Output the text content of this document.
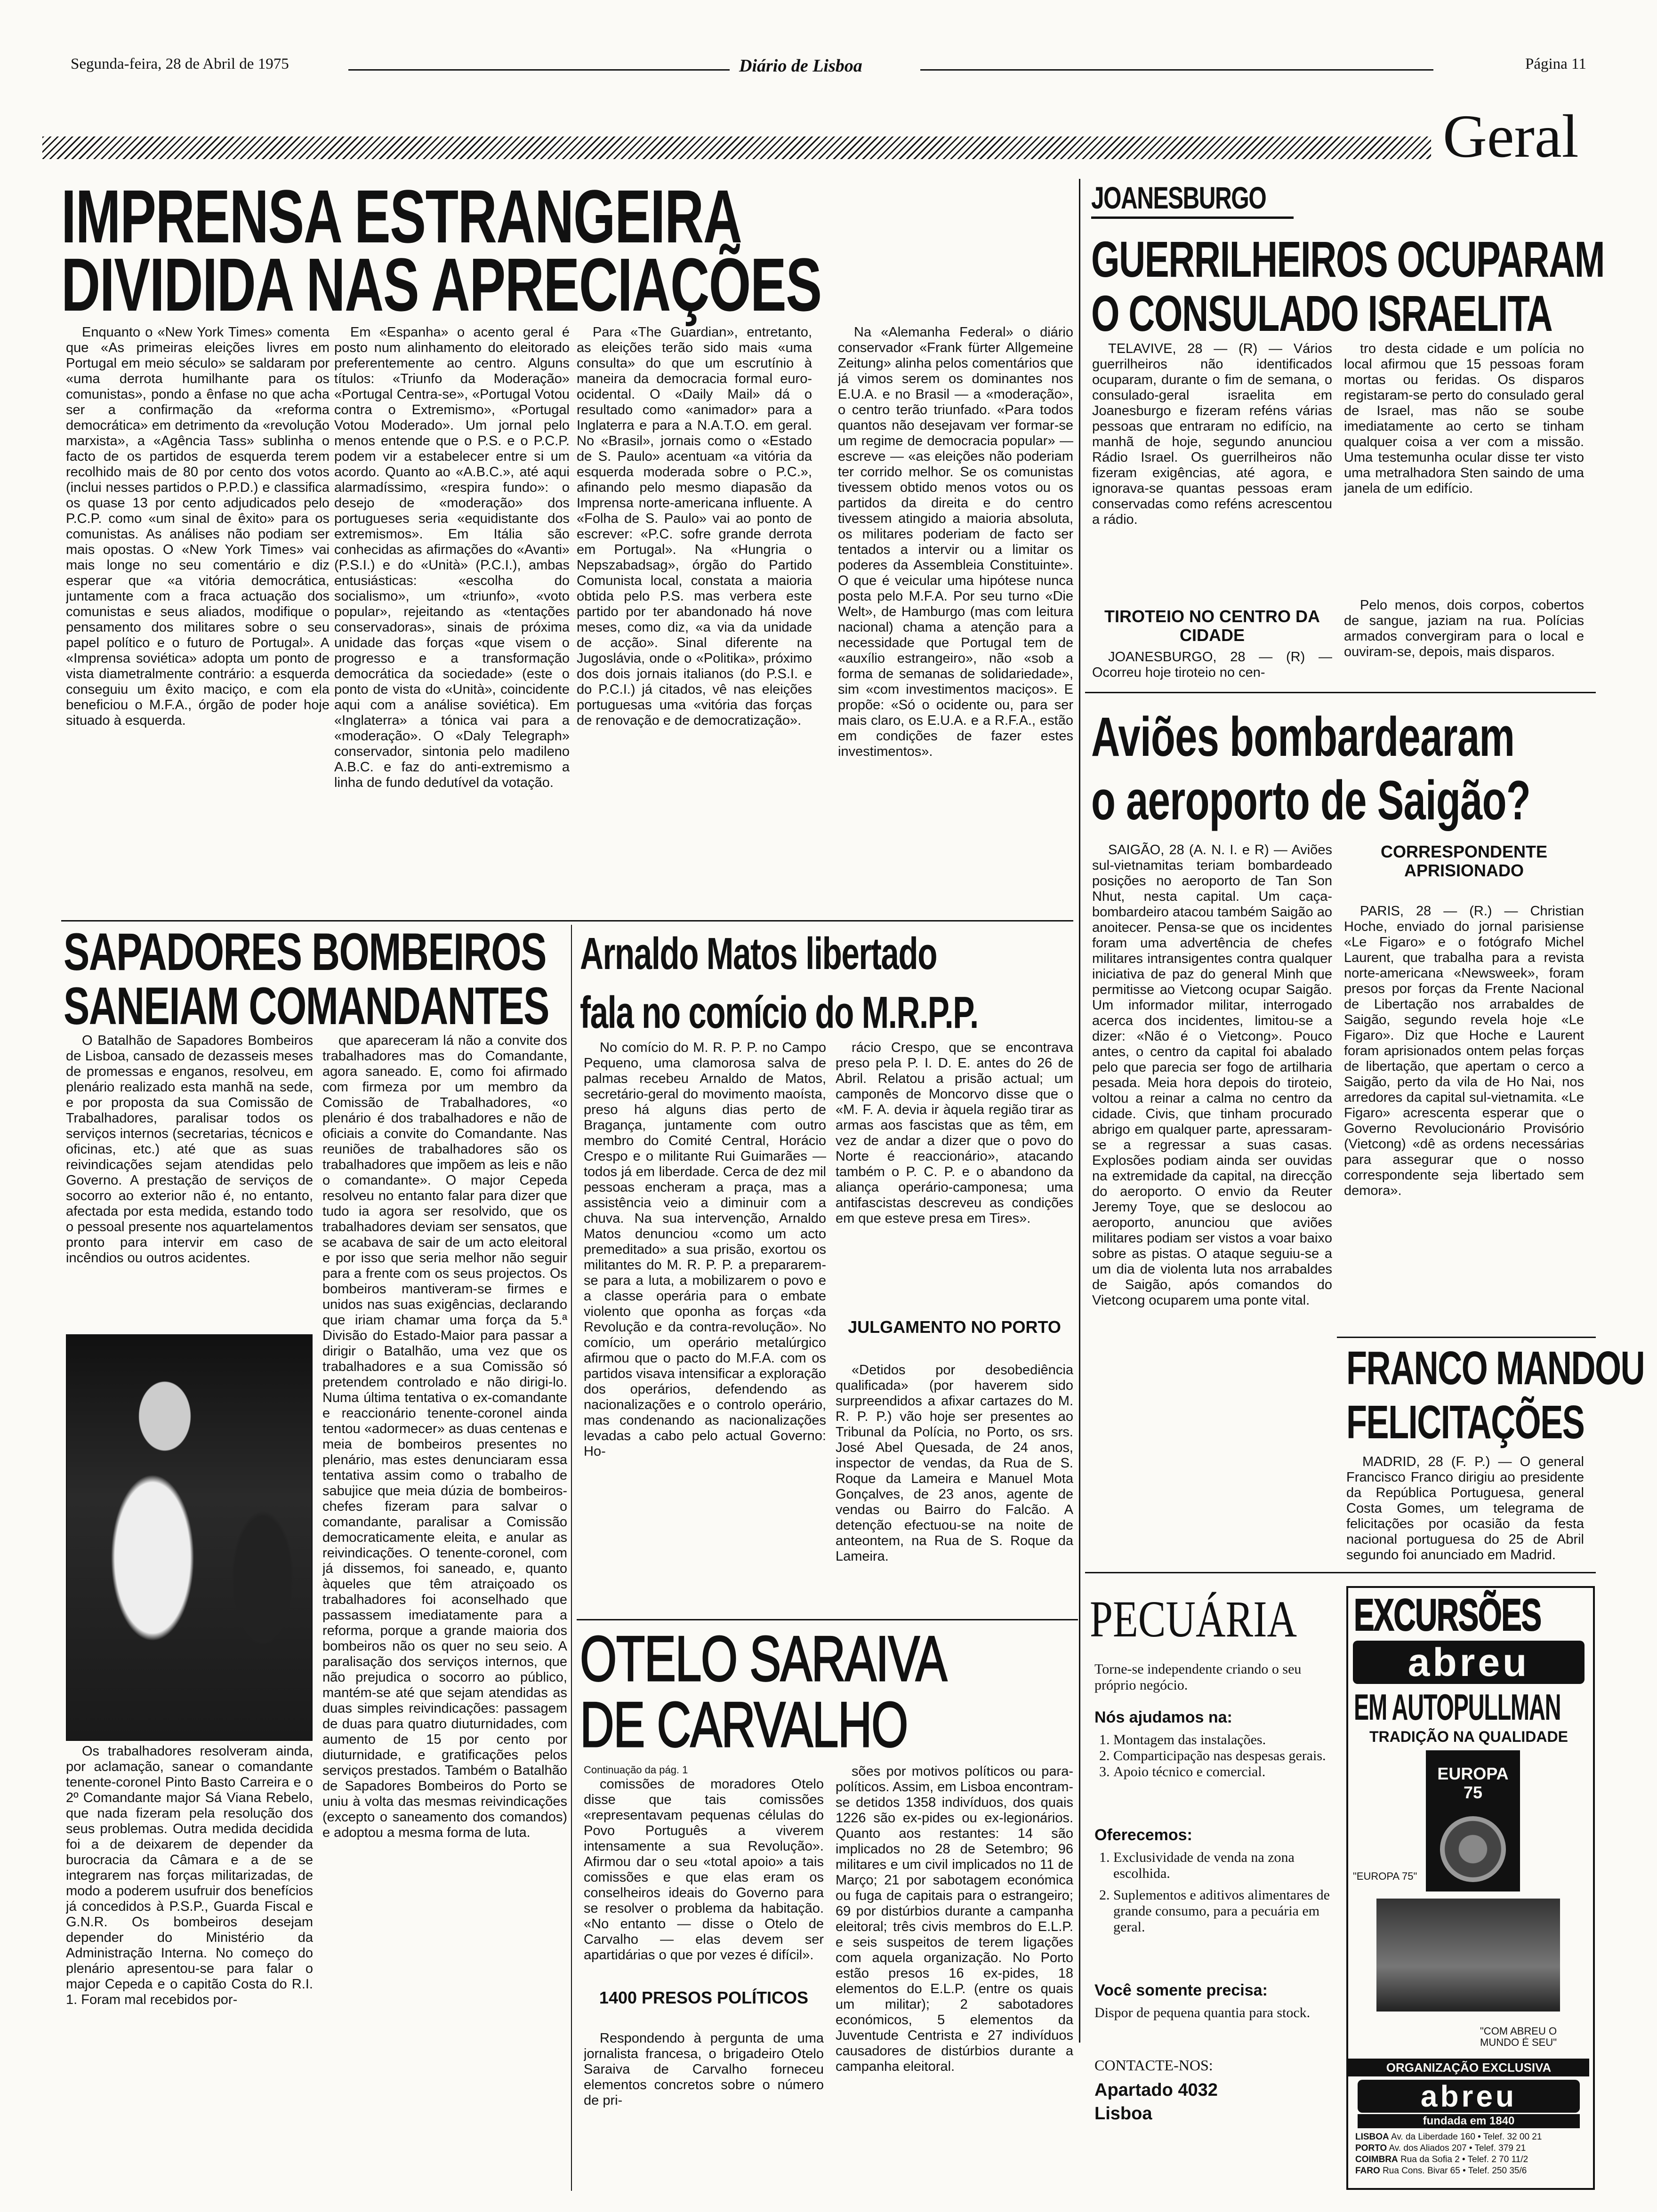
Segunda-feira, 28 de Abril de 1975	Diário de Lisboa	Página 11
Geral
IMPRENSA ESTRANGEIRA
DIVIDIDA NAS APRECIAÇÕES

Enquanto o «New York Times» comenta que «As primeiras eleições livres em Portugal em meio século» se saldaram por «uma derrota humilhante para os comunistas», pondo a ênfase no que acha ser a confirmação da «reforma democrática» em detrimento da «revolução marxista», a «Agência Tass» sublinha o facto de os partidos de esquerda terem recolhido mais de 80 por cento dos votos (inclui nesses partidos o P.P.D.) e classifica os quase 13 por cento adjudicados pelo P.C.P. como «um sinal de êxito» para os comunistas. As análises não podiam ser mais opostas. O «New York Times» vai mais longe no seu comentário e diz esperar que «a vitória democrática, juntamente com a fraca actuação dos comunistas e seus aliados, modifique o pensamento dos militares sobre o seu papel político e o futuro de Portugal». A «Imprensa soviética» adopta um ponto de vista diametralmente contrário: a esquerda conseguiu um êxito maciço, e com ela beneficiou o M.F.A., órgão de poder hoje situado à esquerda.

Em «Espanha» o acento geral é posto num alinhamento do eleitorado preferentemente ao centro. Alguns títulos: «Triunfo da Moderação» «Portugal Centra-se», «Portugal Votou contra o Extremismo», «Portugal Votou Moderado». Um jornal pelo menos entende que o P.S. e o P.C.P. podem vir a estabelecer entre si um acordo. Quanto ao «A.B.C.», até aqui alarmadíssimo, «respira fundo»: o desejo de «moderação» dos portugueses seria «equidistante dos extremismos». Em Itália são conhecidas as afirmações do «Avanti» (P.S.I.) e do «Unità» (P.C.I.), ambas entusiásticas: «escolha do socialismo», um «triunfo», «voto popular», rejeitando as «tentações conservadoras», sinais de próxima unidade das forças «que visem o progresso e a transformação democrática da sociedade» (este o ponto de vista do «Unità», coincidente aqui com a análise soviética). Em «Inglaterra» a tónica vai para a «moderação». O «Daly Telegraph» conservador, sintonia pelo madileno A.B.C. e faz do anti-extremismo a linha de fundo dedutível da votação.

Para «The Guardian», entretanto, as eleições terão sido mais «uma consulta» do que um escrutínio à maneira da democracia formal euro-ocidental. O «Daily Mail» dá o resultado como «animador» para a Inglaterra e para a N.A.T.O. em geral. No «Brasil», jornais como o «Estado de S. Paulo» acentuam «a vitória da esquerda moderada sobre o P.C.», afinando pelo mesmo diapasão da Imprensa norte-americana influente. A «Folha de S. Paulo» vai ao ponto de escrever: «P.C. sofre grande derrota em Portugal». Na «Hungria o Nepszabadsag», órgão do Partido Comunista local, constata a maioria obtida pelo P.S. mas verbera este partido por ter abandonado há nove meses, como diz, «a via da unidade de acção». Sinal diferente na Jugoslávia, onde o «Politika», próximo dos dois jornais italianos (do P.S.I. e do P.C.I.) já citados, vê nas eleições portuguesas uma «vitória das forças de renovação e de democratização».

Na «Alemanha Federal» o diário conservador «Frank fürter Allgemeine Zeitung» alinha pelos comentários que já vimos serem os dominantes nos E.U.A. e no Brasil — a «moderação», o centro terão triunfado. «Para todos quantos não desejavam ver formar-se um regime de democracia popular» — escreve — «as eleições não poderiam ter corrido melhor. Se os comunistas tivessem obtido menos votos ou os partidos da direita e do centro tivessem atingido a maioria absoluta, os militares poderiam de facto ser tentados a intervir ou a limitar os poderes da Assembleia Constituinte». O que é veicular uma hipótese nunca posta pelo M.F.A. Por seu turno «Die Welt», de Hamburgo (mas com leitura nacional) chama a atenção para a necessidade que Portugal tem de «auxílio estrangeiro», não «sob a forma de semanas de solidariedade», sim «com investimentos maciços». E propõe: «Só o ocidente ou, para ser mais claro, os E.U.A. e a R.F.A., estão em condições de fazer estes investimentos».

JOANESBURGO
GUERRILHEIROS OCUPARAM
O CONSULADO ISRAELITA

TELAVIVE, 28 — (R) — Vários guerrilheiros não identificados ocuparam, durante o fim de semana, o consulado-geral israelita em Joanesburgo e fizeram reféns várias pessoas que entraram no edifício, na manhã de hoje, segundo anunciou Rádio Israel. Os guerrilheiros não fizeram exigências, até agora, e ignorava-se quantas pessoas eram conservadas como reféns acrescentou a rádio.

TIROTEIO NO CENTRO DA CIDADE

JOANESBURGO, 28 — (R) — Ocorreu hoje tiroteio no cen-

tro desta cidade e um polícia no local afirmou que 15 pessoas foram mortas ou feridas. Os disparos registaram-se perto do consulado geral de Israel, mas não se soube imediatamente ao certo se tinham qualquer coisa a ver com a missão. Uma testemunha ocular disse ter visto uma metralhadora Sten saindo de uma janela de um edifício.

Pelo menos, dois corpos, cobertos de sangue, jaziam na rua. Polícias armados convergiram para o local e ouviram-se, depois, mais disparos.

Aviões bombardearam
o aeroporto de Saigão?

SAIGÃO, 28 (A. N. I. e R) — Aviões sul-vietnamitas teriam bombardeado posições no aeroporto de Tan Son Nhut, nesta capital. Um caça-bombardeiro atacou também Saigão ao anoitecer. Pensa-se que os incidentes foram uma advertência de chefes militares intransigentes contra qualquer iniciativa de paz do general Minh que permitisse ao Vietcong ocupar Saigão. Um informador militar, interrogado acerca dos incidentes, limitou-se a dizer: «Não é o Vietcong». Pouco antes, o centro da capital foi abalado pelo que parecia ser fogo de artilharia pesada. Meia hora depois do tiroteio, voltou a reinar a calma no centro da cidade. Civis, que tinham procurado abrigo em qualquer parte, apressaram-se a regressar a suas casas. Explosões podiam ainda ser ouvidas na extremidade da capital, na direcção do aeroporto. O envio da Reuter Jeremy Toye, que se deslocou ao aeroporto, anunciou que aviões militares podiam ser vistos a voar baixo sobre as pistas. O ataque seguiu-se a um dia de violenta luta nos arrabaldes de Saigão, após comandos do Vietcong ocuparem uma ponte vital.

CORRESPONDENTE APRISIONADO

PARIS, 28 — (R.) — Christian Hoche, enviado do jornal parisiense «Le Figaro» e o fotógrafo Michel Laurent, que trabalha para a revista norte-americana «Newsweek», foram presos por forças da Frente Nacional de Libertação nos arrabaldes de Saigão, segundo revela hoje «Le Figaro». Diz que Hoche e Laurent foram aprisionados ontem pelas forças de libertação, que apertam o cerco a Saigão, perto da vila de Ho Nai, nos arredores da capital sul-vietnamita. «Le Figaro» acrescenta esperar que o Governo Revolucionário Provisório (Vietcong) «dê as ordens necessárias para assegurar que o nosso correspondente seja libertado sem demora».

FRANCO MANDOU
FELICITAÇÕES

MADRID, 28 (F. P.) — O general Francisco Franco dirigiu ao presidente da República Portuguesa, general Costa Gomes, um telegrama de felicitações por ocasião da festa nacional portuguesa do 25 de Abril segundo foi anunciado em Madrid.

SAPADORES BOMBEIROS
SANEIAM COMANDANTES

O Batalhão de Sapadores Bombeiros de Lisboa, cansado de dezasseis meses de promessas e enganos, resolveu, em plenário realizado esta manhã na sede, e por proposta da sua Comissão de Trabalhadores, paralisar todos os serviços internos (secretarias, técnicos e oficinas, etc.) até que as suas reivindicações sejam atendidas pelo Governo. A prestação de serviços de socorro ao exterior não é, no entanto, afectada por esta medida, estando todo o pessoal presente nos aquartelamentos pronto para intervir em caso de incêndios ou outros acidentes.

Os trabalhadores resolveram ainda, por aclamação, sanear o comandante tenente-coronel Pinto Basto Carreira e o 2º Comandante major Sá Viana Rebelo, que nada fizeram pela resolução dos seus problemas. Outra medida decidida foi a de deixarem de depender da burocracia da Câmara e a de se integrarem nas forças militarizadas, de modo a poderem usufruir dos benefícios já concedidos à P.S.P., Guarda Fiscal e G.N.R. Os bombeiros desejam depender do Ministério da Administração Interna. No começo do plenário apresentou-se para falar o major Cepeda e o capitão Costa do R.I. 1. Foram mal recebidos por-

que apareceram lá não a convite dos trabalhadores mas do Comandante, agora saneado. E, como foi afirmado com firmeza por um membro da Comissão de Trabalhadores, «o plenário é dos trabalhadores e não de oficiais a convite do Comandante. Nas reuniões de trabalhadores são os trabalhadores que impõem as leis e não o comandante». O major Cepeda resolveu no entanto falar para dizer que tudo ia agora ser resolvido, que os trabalhadores deviam ser sensatos, que se acabava de sair de um acto eleitoral e por isso que seria melhor não seguir para a frente com os seus projectos. Os bombeiros mantiveram-se firmes e unidos nas suas exigências, declarando que iriam chamar uma força da 5.ª Divisão do Estado-Maior para passar a dirigir o Batalhão, uma vez que os trabalhadores e a sua Comissão só pretendem controlado e não dirigi-lo. Numa última tentativa o ex-comandante e reaccionário tenente-coronel ainda tentou «adormecer» as duas centenas e meia de bombeiros presentes no plenário, mas estes denunciaram essa tentativa assim como o trabalho de sabujice que meia dúzia de bombeiros-chefes fizeram para salvar o comandante, paralisar a Comissão democraticamente eleita, e anular as reivindicações. O tenente-coronel, com já dissemos, foi saneado, e, quanto àqueles que têm atraiçoado os trabalhadores foi aconselhado que passassem imediatamente para a reforma, porque a grande maioria dos bombeiros não os quer no seu seio. A paralisação dos serviços internos, que não prejudica o socorro ao público, mantém-se até que sejam atendidas as duas simples reivindicações: passagem de duas para quatro diuturnidades, com aumento de 15 por cento por diuturnidade, e gratificações pelos serviços prestados. Também o Batalhão de Sapadores Bombeiros do Porto se uniu à volta das mesmas reivindicações (excepto o saneamento dos comandos) e adoptou a mesma forma de luta.

Arnaldo Matos libertado
fala no comício do M.R.P.P.

No comício do M. R. P. P. no Campo Pequeno, uma clamorosa salva de palmas recebeu Arnaldo de Matos, secretário-geral do movimento maoísta, preso há alguns dias perto de Bragança, juntamente com outro membro do Comité Central, Horácio Crespo e o militante Rui Guimarães — todos já em liberdade. Cerca de dez mil pessoas encheram a praça, mas a assistência veio a diminuir com a chuva. Na sua intervenção, Arnaldo Matos denunciou «como um acto premeditado» a sua prisão, exortou os militantes do M. R. P. P. a prepararem-se para a luta, a mobilizarem o povo e a classe operária para o embate violento que oponha as forças «da Revolução e da contra-revolução». No comício, um operário metalúrgico afirmou que o pacto do M.F.A. com os partidos visava intensificar a exploração dos operários, defendendo as nacionalizações e o controlo operário, mas condenando as nacionalizações levadas a cabo pelo actual Governo: Ho-

rácio Crespo, que se encontrava preso pela P. I. D. E. antes do 26 de Abril. Relatou a prisão actual; um camponês de Moncorvo disse que o «M. F. A. devia ir àquela região tirar as armas aos fascistas que as têm, em vez de andar a dizer que o povo do Norte é reaccionário», atacando também o P. C. P. e o abandono da aliança operário-camponesa; uma antifascistas descreveu as condições em que esteve presa em Tires».

JULGAMENTO NO PORTO

«Detidos por desobediência qualificada» (por haverem sido surpreendidos a afixar cartazes do M. R. P. P.) vão hoje ser presentes ao Tribunal da Polícia, no Porto, os srs. José Abel Quesada, de 24 anos, inspector de vendas, da Rua de S. Roque da Lameira e Manuel Mota Gonçalves, de 23 anos, agente de vendas ou Bairro do Falcão. A detenção efectuou-se na noite de anteontem, na Rua de S. Roque da Lameira.

OTELO SARAIVA
DE CARVALHO
Continuação da pág. 1

comissões de moradores Otelo disse que tais comissões «representavam pequenas células do Povo Português a viverem intensamente a sua Revolução». Afirmou dar o seu «total apoio» a tais comissões e que elas eram os conselheiros ideais do Governo para se resolver o problema da habitação. «No entanto — disse o Otelo de Carvalho — elas devem ser apartidárias o que por vezes é difícil».

1400 PRESOS POLÍTICOS

Respondendo à pergunta de uma jornalista francesa, o brigadeiro Otelo Saraiva de Carvalho forneceu elementos concretos sobre o número de pri-

sões por motivos políticos ou para-políticos. Assim, em Lisboa encontram-se detidos 1358 indivíduos, dos quais 1226 são ex-pides ou ex-legionários. Quanto aos restantes: 14 são implicados no 28 de Setembro; 96 militares e um civil implicados no 11 de Março; 21 por sabotagem económica ou fuga de capitais para o estrangeiro; 69 por distúrbios durante a campanha eleitoral; três civis membros do E.L.P. e seis suspeitos de terem ligações com aquela organização. No Porto estão presos 16 ex-pides, 18 elementos do E.L.P. (entre os quais um militar); 2 sabotadores económicos, 5 elementos da Juventude Centrista e 27 indivíduos causadores de distúrbios durante a campanha eleitoral.

PECUÁRIA
Torne-se independente criando o seu próprio negócio.
Nós ajudamos na:
1. Montagem das instalações.
2. Comparticipação nas despesas gerais.
3. Apoio técnico e comercial.
Oferecemos:
1. Exclusividade de venda na zona escolhida.
2. Suplementos e aditivos alimentares de grande consumo, para a pecuária em geral.
Você somente precisa:
Dispor de pequena quantia para stock.
CONTACTE-NOS:
Apartado 4032
Lisboa
EXCURSÕES
abreu
EM AUTOPULLMAN
TRADIÇÃO NA QUALIDADE
EUROPA 75
"EUROPA 75"
"COM ABREU O MUNDO É SEU"
ORGANIZAÇÃO EXCLUSIVA
abreu
fundada em 1840
LISBOA Av. da Liberdade 160 • Telef. 32 00 21
PORTO Av. dos Aliados 207 • Telef. 379 21
COIMBRA Rua da Sofia 2 • Telef. 2 70 11/2
FARO Rua Cons. Bivar 65 • Telef. 250 35/6
